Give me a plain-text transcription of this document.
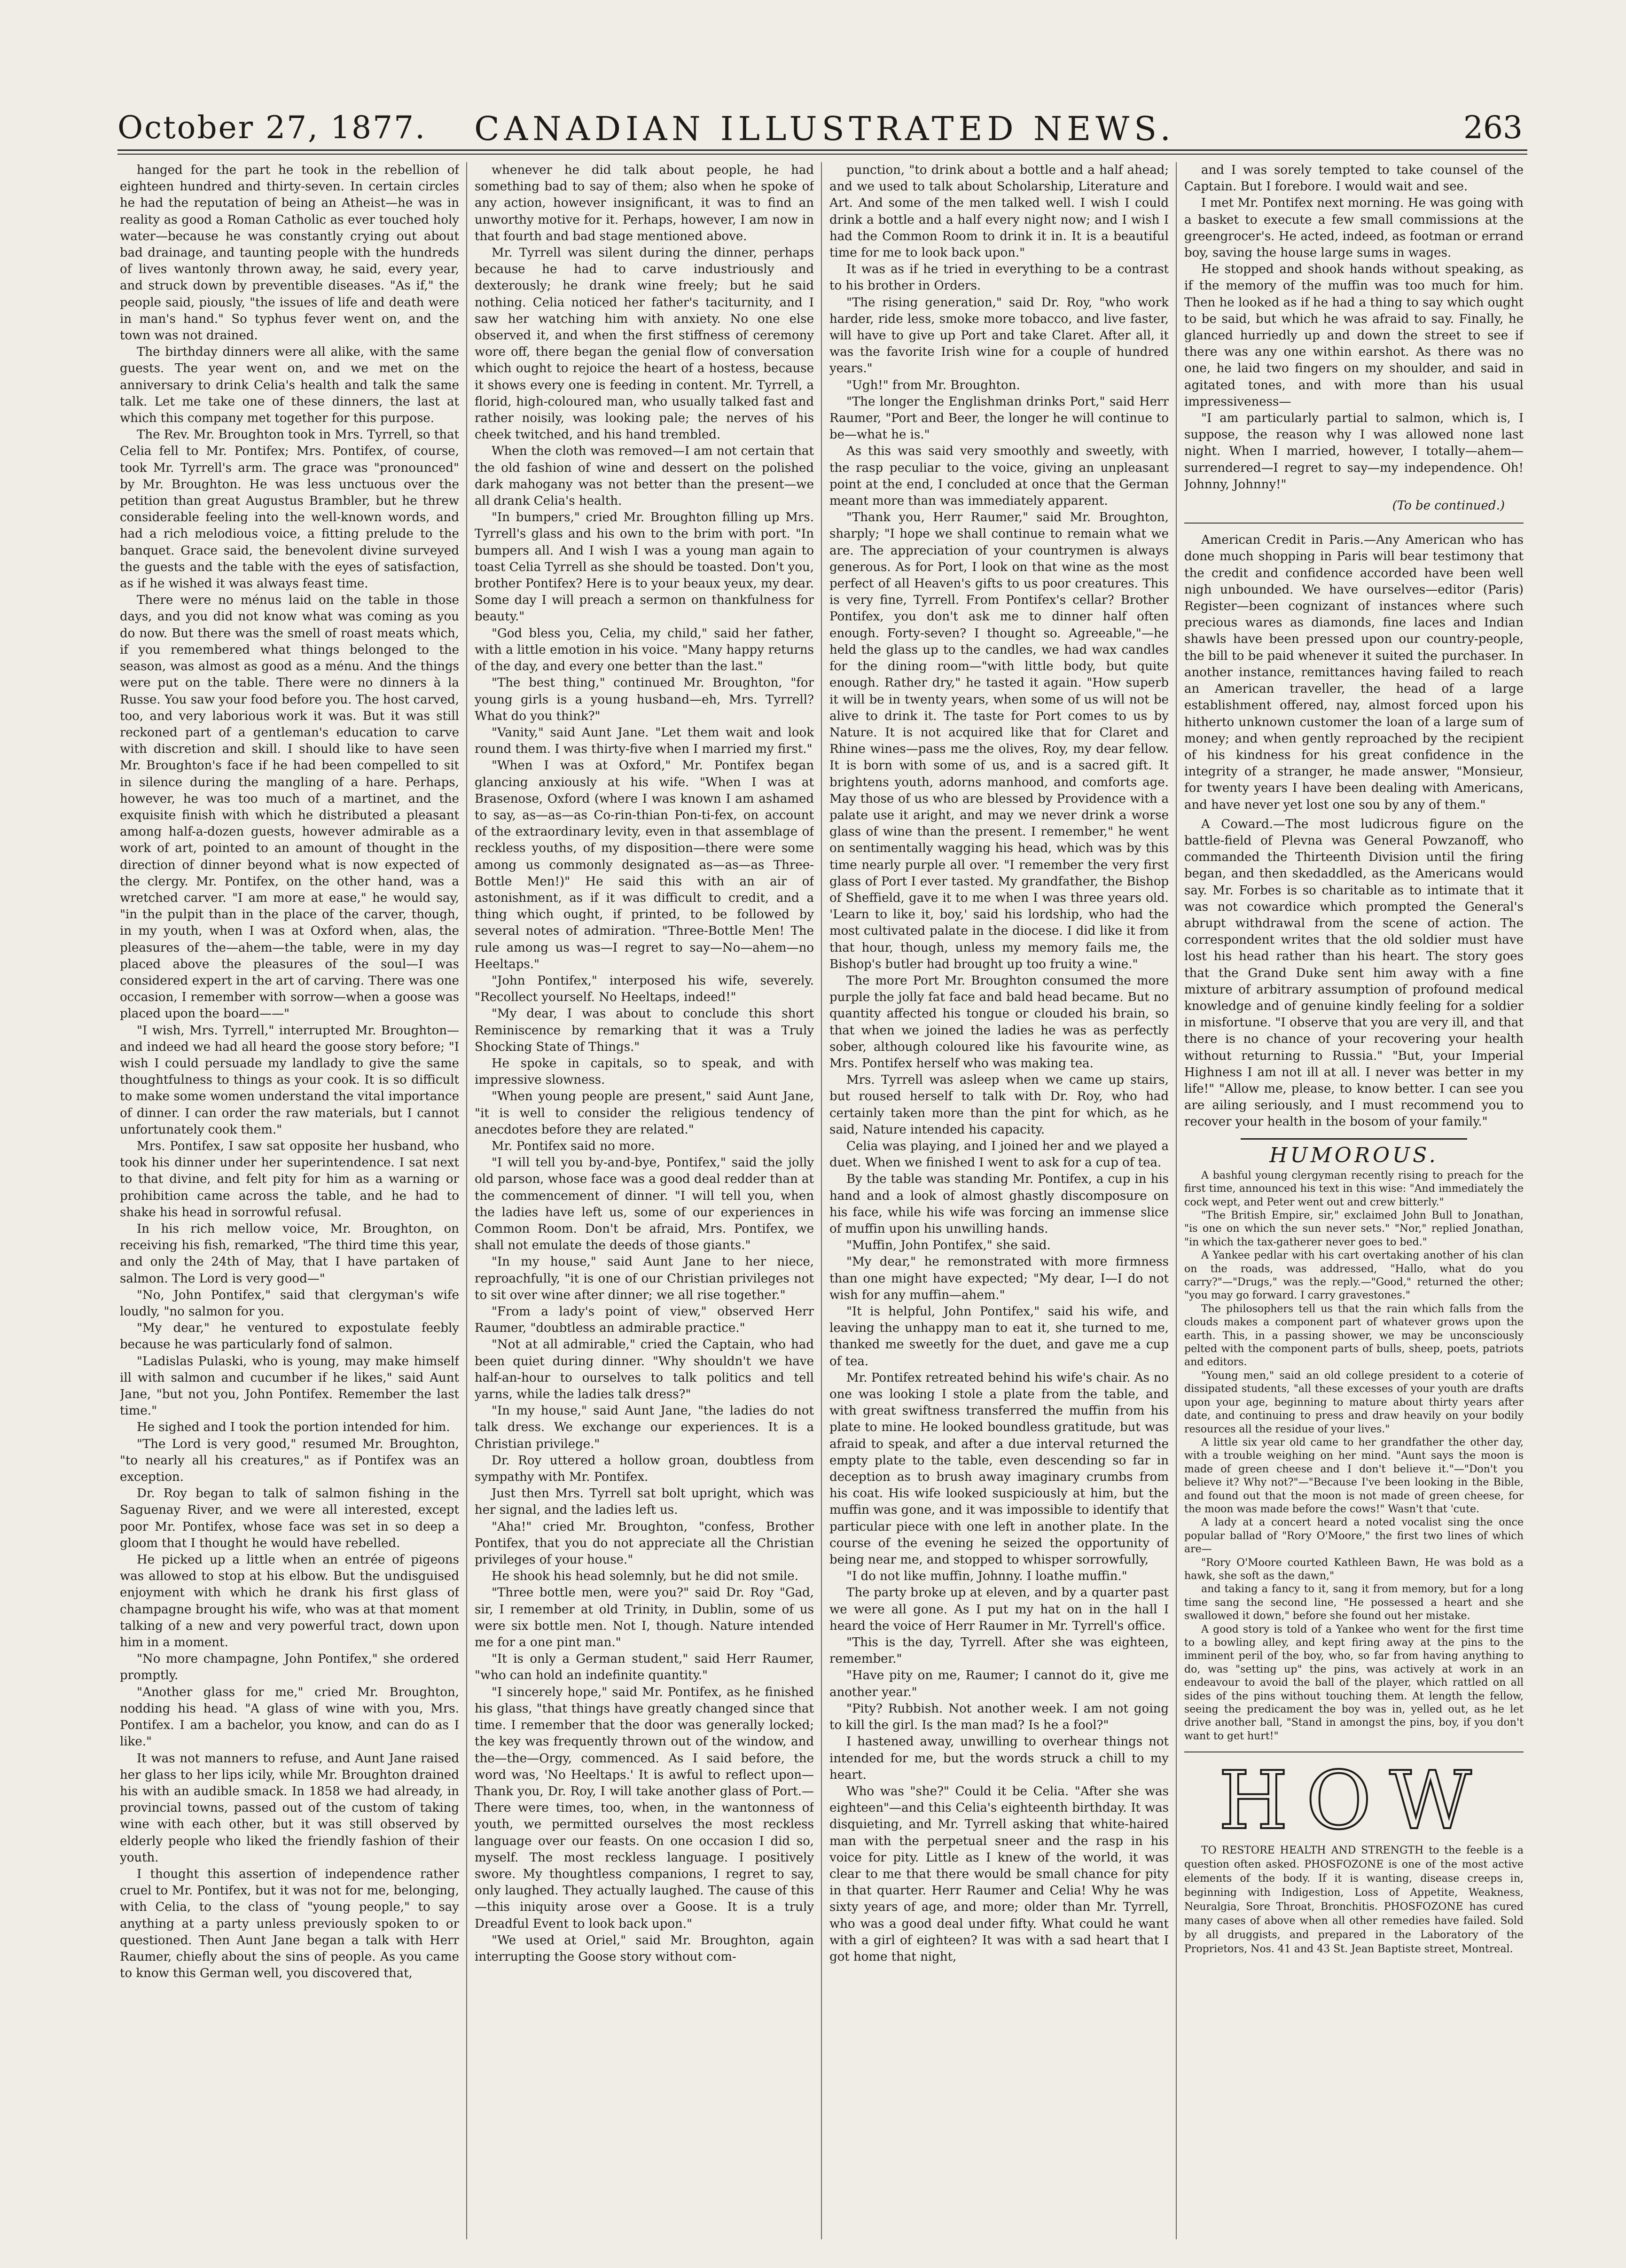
October 27, 1877.	CANADIAN ILLUSTRATED NEWS.	263

hanged for the part he took in the rebellion of eighteen hundred and thirty-seven. In certain circles he had the reputation of being an Atheist—he was in reality as good a Roman Catholic as ever touched holy water—because he was constantly crying out about bad drainage, and taunting people with the hundreds of lives wantonly thrown away, he said, every year, and struck down by preventible diseases. "As if," the people said, piously, "the issues of life and death were in man's hand." So typhus fever went on, and the town was not drained.

The birthday dinners were all alike, with the same guests. The year went on, and we met on the anniversary to drink Celia's health and talk the same talk. Let me take one of these dinners, the last at which this company met together for this purpose.

The Rev. Mr. Broughton took in Mrs. Tyrrell, so that Celia fell to Mr. Pontifex; Mrs. Pontifex, of course, took Mr. Tyrrell's arm. The grace was "pronounced" by Mr. Broughton. He was less unctuous over the petition than great Augustus Brambler, but he threw considerable feeling into the well-known words, and had a rich melodious voice, a fitting prelude to the banquet. Grace said, the benevolent divine surveyed the guests and the table with the eyes of satisfaction, as if he wished it was always feast time.

There were no ménus laid on the table in those days, and you did not know what was coming as you do now. But there was the smell of roast meats which, if you remembered what things belonged to the season, was almost as good as a ménu. And the things were put on the table. There were no dinners à la Russe. You saw your food before you. The host carved, too, and very laborious work it was. But it was still reckoned part of a gentleman's education to carve with discretion and skill. I should like to have seen Mr. Broughton's face if he had been compelled to sit in silence during the mangling of a hare. Perhaps, however, he was too much of a martinet, and the exquisite finish with which he distributed a pleasant among half-a-dozen guests, however admirable as a work of art, pointed to an amount of thought in the direction of dinner beyond what is now expected of the clergy. Mr. Pontifex, on the other hand, was a wretched carver. "I am more at ease," he would say, "in the pulpit than in the place of the carver, though, in my youth, when I was at Oxford when, alas, the pleasures of the—ahem—the table, were in my day placed above the pleasures of the soul—I was considered expert in the art of carving. There was one occasion, I remember with sorrow—when a goose was placed upon the board——"

"I wish, Mrs. Tyrrell," interrupted Mr. Broughton—and indeed we had all heard the goose story before; "I wish I could persuade my landlady to give the same thoughtfulness to things as your cook. It is so difficult to make some women understand the vital importance of dinner. I can order the raw materials, but I cannot unfortunately cook them."

Mrs. Pontifex, I saw sat opposite her husband, who took his dinner under her superintendence. I sat next to that divine, and felt pity for him as a warning or prohibition came across the table, and he had to shake his head in sorrowful refusal.

In his rich mellow voice, Mr. Broughton, on receiving his fish, remarked, "The third time this year, and only the 24th of May, that I have partaken of salmon. The Lord is very good—"

"No, John Pontifex," said that clergyman's wife loudly, "no salmon for you.

"My dear," he ventured to expostulate feebly because he was particularly fond of salmon.

"Ladislas Pulaski, who is young, may make himself ill with salmon and cucumber if he likes," said Aunt Jane, "but not you, John Pontifex. Remember the last time."

He sighed and I took the portion intended for him.

"The Lord is very good," resumed Mr. Broughton, "to nearly all his creatures," as if Pontifex was an exception.

Dr. Roy began to talk of salmon fishing in the Saguenay River, and we were all interested, except poor Mr. Pontifex, whose face was set in so deep a gloom that I thought he would have rebelled.

He picked up a little when an entrée of pigeons was allowed to stop at his elbow. But the undisguised enjoyment with which he drank his first glass of champagne brought his wife, who was at that moment talking of a new and very powerful tract, down upon him in a moment.

"No more champagne, John Pontifex," she ordered promptly.

"Another glass for me," cried Mr. Broughton, nodding his head. "A glass of wine with you, Mrs. Pontifex. I am a bachelor, you know, and can do as I like."

It was not manners to refuse, and Aunt Jane raised her glass to her lips icily, while Mr. Broughton drained his with an audible smack. In 1858 we had already, in provincial towns, passed out of the custom of taking wine with each other, but it was still observed by elderly people who liked the friendly fashion of their youth.

I thought this assertion of independence rather cruel to Mr. Pontifex, but it was not for me, belonging, with Celia, to the class of "young people," to say anything at a party unless previously spoken to or questioned. Then Aunt Jane began a talk with Herr Raumer, chiefly about the sins of people. As you came to know this German well, you discovered that,

whenever he did talk about people, he had something bad to say of them; also when he spoke of any action, however insignificant, it was to find an unworthy motive for it. Perhaps, however, I am now in that fourth and bad stage mentioned above.

Mr. Tyrrell was silent during the dinner, perhaps because he had to carve industriously and dexterously; he drank wine freely; but he said nothing. Celia noticed her father's taciturnity, and I saw her watching him with anxiety. No one else observed it, and when the first stiffness of ceremony wore off, there began the genial flow of conversation which ought to rejoice the heart of a hostess, because it shows every one is feeding in content. Mr. Tyrrell, a florid, high-coloured man, who usually talked fast and rather noisily, was looking pale; the nerves of his cheek twitched, and his hand trembled.

When the cloth was removed—I am not certain that the old fashion of wine and dessert on the polished dark mahogany was not better than the present—we all drank Celia's health.

"In bumpers," cried Mr. Broughton filling up Mrs. Tyrrell's glass and his own to the brim with port. "In bumpers all. And I wish I was a young man again to toast Celia Tyrrell as she should be toasted. Don't you, brother Pontifex? Here is to your beaux yeux, my dear. Some day I will preach a sermon on thankfulness for beauty."

"God bless you, Celia, my child," said her father, with a little emotion in his voice. "Many happy returns of the day, and every one better than the last."

"The best thing," continued Mr. Broughton, "for young girls is a young husband—eh, Mrs. Tyrrell? What do you think?"

"Vanity," said Aunt Jane. "Let them wait and look round them. I was thirty-five when I married my first."

"When I was at Oxford," Mr. Pontifex began glancing anxiously at his wife. "When I was at Brasenose, Oxford (where I was known I am ashamed to say, as—as—as Co-rin-thian Pon-ti-fex, on account of the extraordinary levity, even in that assemblage of reckless youths, of my disposition—there were some among us commonly designated as—as—as Three-Bottle Men!)" He said this with an air of astonishment, as if it was difficult to credit, and a thing which ought, if printed, to be followed by several notes of admiration. "Three-Bottle Men! The rule among us was—I regret to say—No—ahem—no Heeltaps."

"John Pontifex," interposed his wife, severely. "Recollect yourself. No Heeltaps, indeed!"

"My dear, I was about to conclude this short Reminiscence by remarking that it was a Truly Shocking State of Things."

He spoke in capitals, so to speak, and with impressive slowness.

"When young people are present," said Aunt Jane, "it is well to consider the religious tendency of anecdotes before they are related."

Mr. Pontifex said no more.

"I will tell you by-and-bye, Pontifex," said the jolly old parson, whose face was a good deal redder than at the commencement of dinner. "I will tell you, when the ladies have left us, some of our experiences in Common Room. Don't be afraid, Mrs. Pontifex, we shall not emulate the deeds of those giants."

"In my house," said Aunt Jane to her niece, reproachfully, "it is one of our Christian privileges not to sit over wine after dinner; we all rise together."

"From a lady's point of view," observed Herr Raumer, "doubtless an admirable practice."

"Not at all admirable," cried the Captain, who had been quiet during dinner. "Why shouldn't we have half-an-hour to ourselves to talk politics and tell yarns, while the ladies talk dress?"

"In my house," said Aunt Jane, "the ladies do not talk dress. We exchange our experiences. It is a Christian privilege."

Dr. Roy uttered a hollow groan, doubtless from sympathy with Mr. Pontifex.

Just then Mrs. Tyrrell sat bolt upright, which was her signal, and the ladies left us.

"Aha!" cried Mr. Broughton, "confess, Brother Pontifex, that you do not appreciate all the Christian privileges of your house."

He shook his head solemnly, but he did not smile.

"Three bottle men, were you?" said Dr. Roy "Gad, sir, I remember at old Trinity, in Dublin, some of us were six bottle men. Not I, though. Nature intended me for a one pint man."

"It is only a German student," said Herr Raumer, "who can hold an indefinite quantity."

"I sincerely hope," said Mr. Pontifex, as he finished his glass, "that things have greatly changed since that time. I remember that the door was generally locked; the key was frequently thrown out of the window, and the—the—Orgy, commenced. As I said before, the word was, 'No Heeltaps.' It is awful to reflect upon—Thank you, Dr. Roy, I will take another glass of Port.—There were times, too, when, in the wantonness of youth, we permitted ourselves the most reckless language over our feasts. On one occasion I did so, myself. The most reckless language. I positively swore. My thoughtless companions, I regret to say, only laughed. They actually laughed. The cause of this—this iniquity arose over a Goose. It is a truly Dreadful Event to look back upon."

"We used at Oriel," said Mr. Broughton, again interrupting the Goose story without com-

punction, "to drink about a bottle and a half ahead; and we used to talk about Scholarship, Literature and Art. And some of the men talked well. I wish I could drink a bottle and a half every night now; and I wish I had the Common Room to drink it in. It is a beautiful time for me to look back upon."

It was as if he tried in everything to be a contrast to his brother in Orders.

"The rising generation," said Dr. Roy, "who work harder, ride less, smoke more tobacco, and live faster, will have to give up Port and take Claret. After all, it was the favorite Irish wine for a couple of hundred years."

"Ugh!" from Mr. Broughton.

"The longer the Englishman drinks Port," said Herr Raumer, "Port and Beer, the longer he will continue to be—what he is."

As this was said very smoothly and sweetly, with the rasp peculiar to the voice, giving an unpleasant point at the end, I concluded at once that the German meant more than was immediately apparent.

"Thank you, Herr Raumer," said Mr. Broughton, sharply; "I hope we shall continue to remain what we are. The appreciation of your countrymen is always generous. As for Port, I look on that wine as the most perfect of all Heaven's gifts to us poor creatures. This is very fine, Tyrrell. From Pontifex's cellar? Brother Pontifex, you don't ask me to dinner half often enough. Forty-seven? I thought so. Agreeable,"—he held the glass up to the candles, we had wax candles for the dining room—"with little body, but quite enough. Rather dry," he tasted it again. "How superb it will be in twenty years, when some of us will not be alive to drink it. The taste for Port comes to us by Nature. It is not acquired like that for Claret and Rhine wines—pass me the olives, Roy, my dear fellow. It is born with some of us, and is a sacred gift. It brightens youth, adorns manhood, and comforts age. May those of us who are blessed by Providence with a palate use it aright, and may we never drink a worse glass of wine than the present. I remember," he went on sentimentally wagging his head, which was by this time nearly purple all over. "I remember the very first glass of Port I ever tasted. My grandfather, the Bishop of Sheffield, gave it to me when I was three years old. 'Learn to like it, boy,' said his lordship, who had the most cultivated palate in the diocese. I did like it from that hour, though, unless my memory fails me, the Bishop's butler had brought up too fruity a wine."

The more Port Mr. Broughton consumed the more purple the jolly fat face and bald head became. But no quantity affected his tongue or clouded his brain, so that when we joined the ladies he was as perfectly sober, although coloured like his favourite wine, as Mrs. Pontifex herself who was making tea.

Mrs. Tyrrell was asleep when we came up stairs, but roused herself to talk with Dr. Roy, who had certainly taken more than the pint for which, as he said, Nature intended his capacity.

Celia was playing, and I joined her and we played a duet. When we finished I went to ask for a cup of tea.

By the table was standing Mr. Pontifex, a cup in his hand and a look of almost ghastly discomposure on his face, while his wife was forcing an immense slice of muffin upon his unwilling hands.

"Muffin, John Pontifex," she said.

"My dear," he remonstrated with more firmness than one might have expected; "My dear, I—I do not wish for any muffin—ahem."

"It is helpful, John Pontifex," said his wife, and leaving the unhappy man to eat it, she turned to me, thanked me sweetly for the duet, and gave me a cup of tea.

Mr. Pontifex retreated behind his wife's chair. As no one was looking I stole a plate from the table, and with great swiftness transferred the muffin from his plate to mine. He looked boundless gratitude, but was afraid to speak, and after a due interval returned the empty plate to the table, even descending so far in deception as to brush away imaginary crumbs from his coat. His wife looked suspiciously at him, but the muffin was gone, and it was impossible to identify that particular piece with one left in another plate. In the course of the evening he seized the opportunity of being near me, and stopped to whisper sorrowfully,

"I do not like muffin, Johnny. I loathe muffin."

The party broke up at eleven, and by a quarter past we were all gone. As I put my hat on in the hall I heard the voice of Herr Raumer in Mr. Tyrrell's office.

"This is the day, Tyrrell. After she was eighteen, remember."

"Have pity on me, Raumer; I cannot do it, give me another year."

"Pity? Rubbish. Not another week. I am not going to kill the girl. Is the man mad? Is he a fool?"

I hastened away, unwilling to overhear things not intended for me, but the words struck a chill to my heart.

Who was "she?" Could it be Celia. "After she was eighteen"—and this Celia's eighteenth birthday. It was disquieting, and Mr. Tyrrell asking that white-haired man with the perpetual sneer and the rasp in his voice for pity. Little as I knew of the world, it was clear to me that there would be small chance for pity in that quarter. Herr Raumer and Celia! Why he was sixty years of age, and more; older than Mr. Tyrrell, who was a good deal under fifty. What could he want with a girl of eighteen? It was with a sad heart that I got home that night,

and I was sorely tempted to take counsel of the Captain. But I forebore. I would wait and see.

I met Mr. Pontifex next morning. He was going with a basket to execute a few small commissions at the greengrocer's. He acted, indeed, as footman or errand boy, saving the house large sums in wages.

He stopped and shook hands without speaking, as if the memory of the muffin was too much for him. Then he looked as if he had a thing to say which ought to be said, but which he was afraid to say. Finally, he glanced hurriedly up and down the street to see if there was any one within earshot. As there was no one, he laid two fingers on my shoulder, and said in agitated tones, and with more than his usual impressiveness—

"I am particularly partial to salmon, which is, I suppose, the reason why I was allowed none last night. When I married, however, I totally—ahem—surrendered—I regret to say—my independence. Oh! Johnny, Johnny!"

(To be continued.)

American Credit in Paris.—Any American who has done much shopping in Paris will bear testimony that the credit and confidence accorded have been well nigh unbounded. We have ourselves—editor (Paris) Register—been cognizant of instances where such precious wares as diamonds, fine laces and Indian shawls have been pressed upon our country-people, the bill to be paid whenever it suited the purchaser. In another instance, remittances having failed to reach an American traveller, the head of a large establishment offered, nay, almost forced upon his hitherto unknown customer the loan of a large sum of money; and when gently reproached by the recipient of his kindness for his great confidence in the integrity of a stranger, he made answer, "Monsieur, for twenty years I have been dealing with Americans, and have never yet lost one sou by any of them."

A Coward.—The most ludicrous figure on the battle-field of Plevna was General Powzanoff, who commanded the Thirteenth Division until the firing began, and then skedaddled, as the Americans would say. Mr. Forbes is so charitable as to intimate that it was not cowardice which prompted the General's abrupt withdrawal from the scene of action. The correspondent writes that the old soldier must have lost his head rather than his heart. The story goes that the Grand Duke sent him away with a fine mixture of arbitrary assumption of profound medical knowledge and of genuine kindly feeling for a soldier in misfortune. "I observe that you are very ill, and that there is no chance of your recovering your health without returning to Russia." "But, your Imperial Highness I am not ill at all. I never was better in my life!" "Allow me, please, to know better. I can see you are ailing seriously, and I must recommend you to recover your health in the bosom of your family."

HUMOROUS.

A bashful young clergyman recently rising to preach for the first time, announced his text in this wise: "And immediately the cock wept, and Peter went out and crew bitterly."

"The British Empire, sir," exclaimed John Bull to Jonathan, "is one on which the sun never sets." "Nor," replied Jonathan, "in which the tax-gatherer never goes to bed."

A Yankee pedlar with his cart overtaking another of his clan on the roads, was addressed, "Hallo, what do you carry?"—"Drugs," was the reply.—"Good," returned the other; "you may go forward. I carry gravestones."

The philosophers tell us that the rain which falls from the clouds makes a component part of whatever grows upon the earth. This, in a passing shower, we may be unconsciously pelted with the component parts of bulls, sheep, poets, patriots and editors.

"Young men," said an old college president to a coterie of dissipated students, "all these excesses of your youth are drafts upon your age, beginning to mature about thirty years after date, and continuing to press and draw heavily on your bodily resources all the residue of your lives."

A little six year old came to her grandfather the other day, with a trouble weighing on her mind. "Aunt says the moon is made of green cheese and I don't believe it."—"Don't you believe it? Why not?"—"Because I've been looking in the Bible, and found out that the moon is not made of green cheese, for the moon was made before the cows!" Wasn't that 'cute.

A lady at a concert heard a noted vocalist sing the once popular ballad of "Rory O'Moore," the first two lines of which are—

"Rory O'Moore courted Kathleen Bawn, He was bold as a hawk, she soft as the dawn,"

and taking a fancy to it, sang it from memory, but for a long time sang the second line, "He possessed a heart and she swallowed it down," before she found out her mistake.

A good story is told of a Yankee who went for the first time to a bowling alley, and kept firing away at the pins to the imminent peril of the boy, who, so far from having anything to do, was "setting up" the pins, was actively at work in an endeavour to avoid the ball of the player, which rattled on all sides of the pins without touching them. At length the fellow, seeing the predicament the boy was in, yelled out, as he let drive another ball, "Stand in amongst the pins, boy, if you don't want to get hurt!"

HOW

TO RESTORE HEALTH AND STRENGTH to the feeble is a question often asked. PHOSFOZONE is one of the most active elements of the body. If it is wanting, disease creeps in, beginning with Indigestion, Loss of Appetite, Weakness, Neuralgia, Sore Throat, Bronchitis. PHOSFOZONE has cured many cases of above when all other remedies have failed. Sold by all druggists, and prepared in the Laboratory of the Proprietors, Nos. 41 and 43 St. Jean Baptiste street, Montreal.
